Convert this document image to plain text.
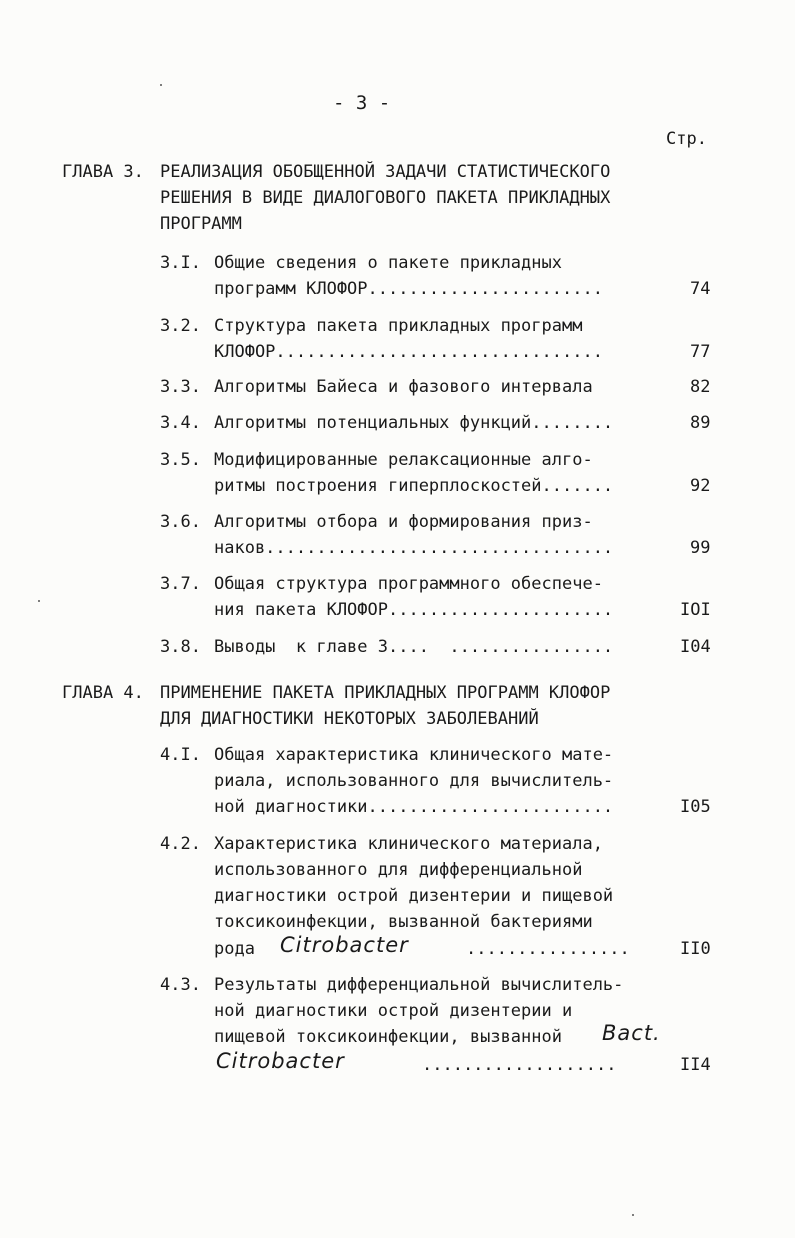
- 3 -
Стр.
ГЛАВА 3. РЕАЛИЗАЦИЯ ОБОБЩЕННОЙ ЗАДАЧИ СТАТИСТИЧЕСКОГО
РЕШЕНИЯ В ВИДЕ ДИАЛОГОВОГО ПАКЕТА ПРИКЛАДНЫХ
ПРОГРАММ
3.I. Общие сведения о пакете прикладных
программ КЛОФОР.......................	74
3.2. Структура пакета прикладных программ
КЛОФОР................................	77
3.3. Алгоритмы Байеса и фазового интервала	82
3.4. Алгоритмы потенциальных функций........	89
3.5. Модифицированные релаксационные алго-
ритмы построения гиперплоскостей.......	92
3.6. Алгоритмы отбора и формирования приз-
наков..................................	99
3.7. Общая структура программного обеспече-
ния пакета КЛОФОР......................	IOI
3.8. Выводы  к главе 3....  ................	I04
ГЛАВА 4. ПРИМЕНЕНИЕ ПАКЕТА ПРИКЛАДНЫХ ПРОГРАММ КЛОФОР
ДЛЯ ДИАГНОСТИКИ НЕКОТОРЫХ ЗАБОЛЕВАНИЙ
4.I. Общая характеристика клинического мате-
риала, использованного для вычислитель-
ной диагностики........................	I05
4.2. Характеристика клинического материала,
использованного для дифференциальной
диагностики острой дизентерии и пищевой
токсикоинфекции, вызванной бактериями
рода Citrobacter	................	II0
4.3. Результаты дифференциальной вычислитель-
ной диагностики острой дизентерии и
пищевой токсикоинфекции, вызванной Bact.
Citrobacter	...................	II4
